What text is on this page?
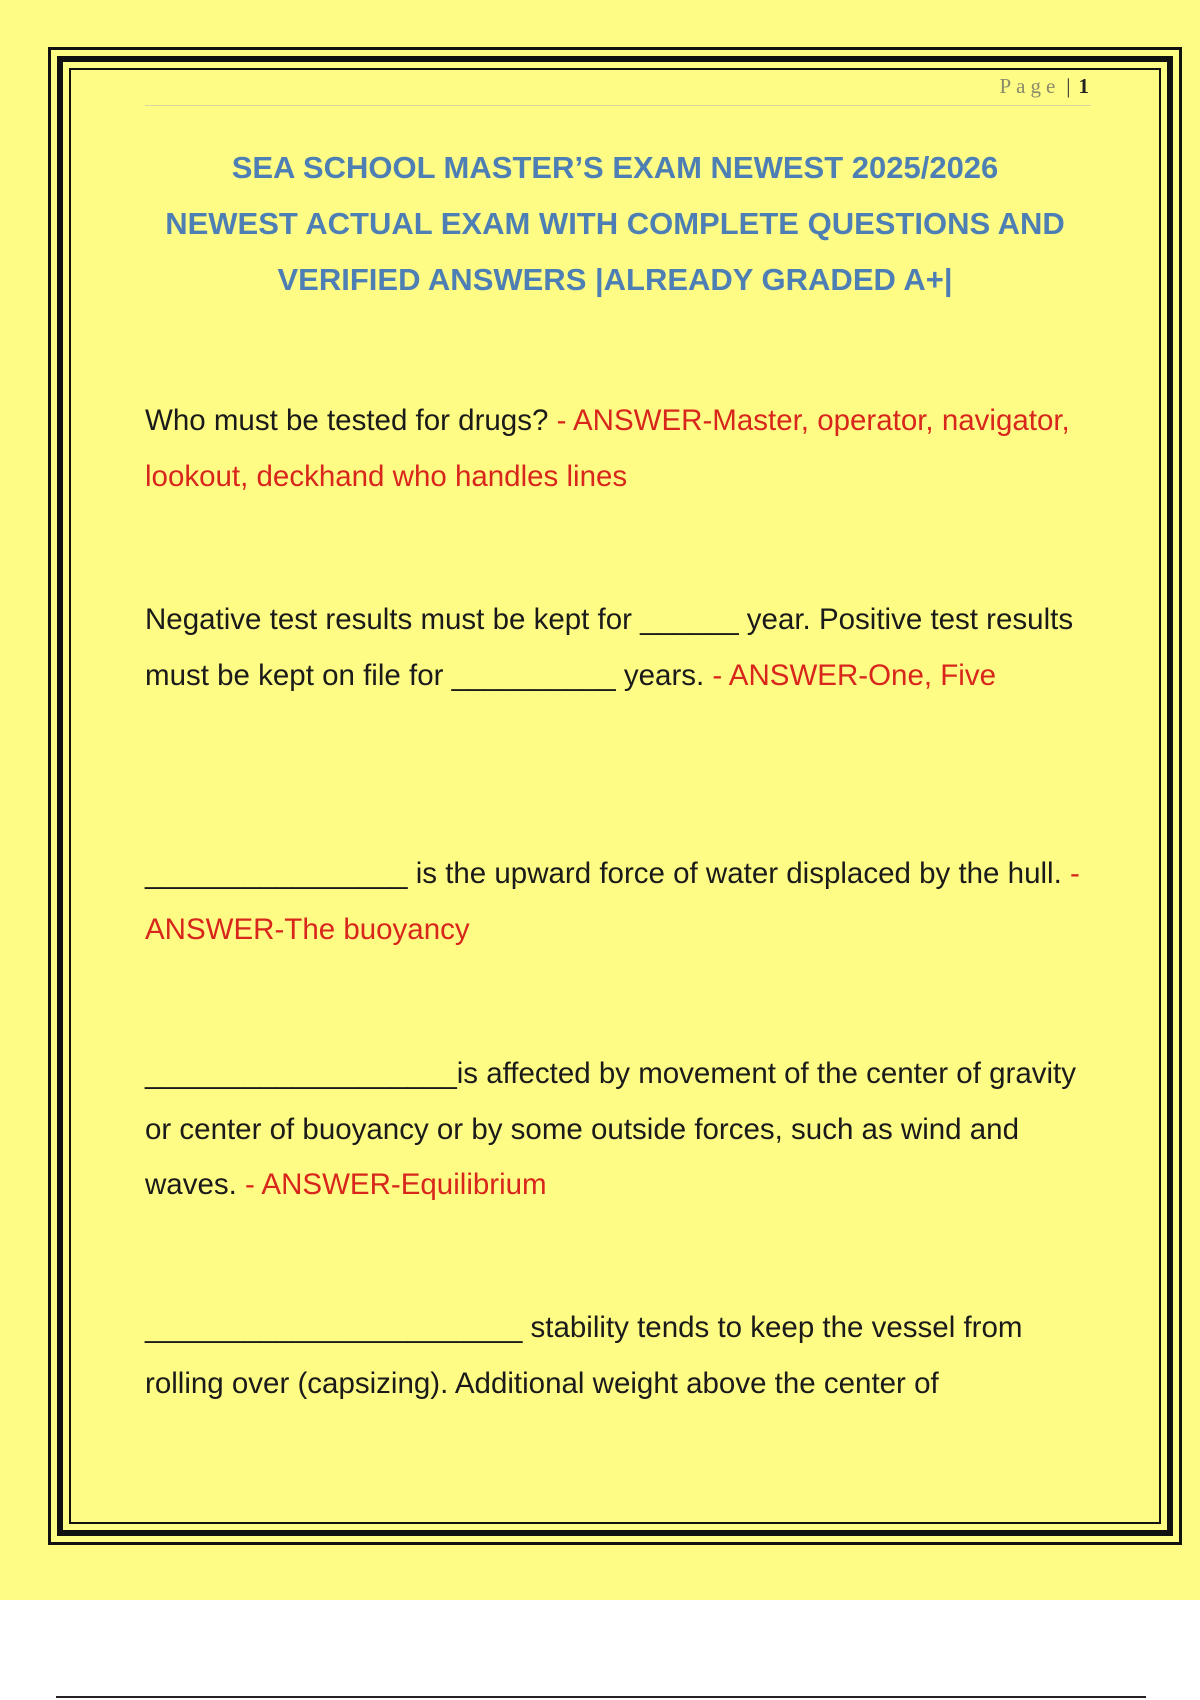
Page | 1
SEA SCHOOL MASTER’S EXAM NEWEST 2025/2026
NEWEST ACTUAL EXAM WITH COMPLETE QUESTIONS AND
VERIFIED ANSWERS |ALREADY GRADED A+|
Who must be tested for drugs? - ANSWER-Master, operator, navigator, lookout, deckhand who handles lines
Negative test results must be kept for ______ year. Positive test results must be kept on file for __________ years. - ANSWER-One, Five
________________ is the upward force of water displaced by the hull. - ANSWER-The buoyancy
___________________is affected by movement of the center of gravity or center of buoyancy or by some outside forces, such as wind and waves. - ANSWER-Equilibrium
_______________________ stability tends to keep the vessel from rolling over (capsizing). Additional weight above the center of
